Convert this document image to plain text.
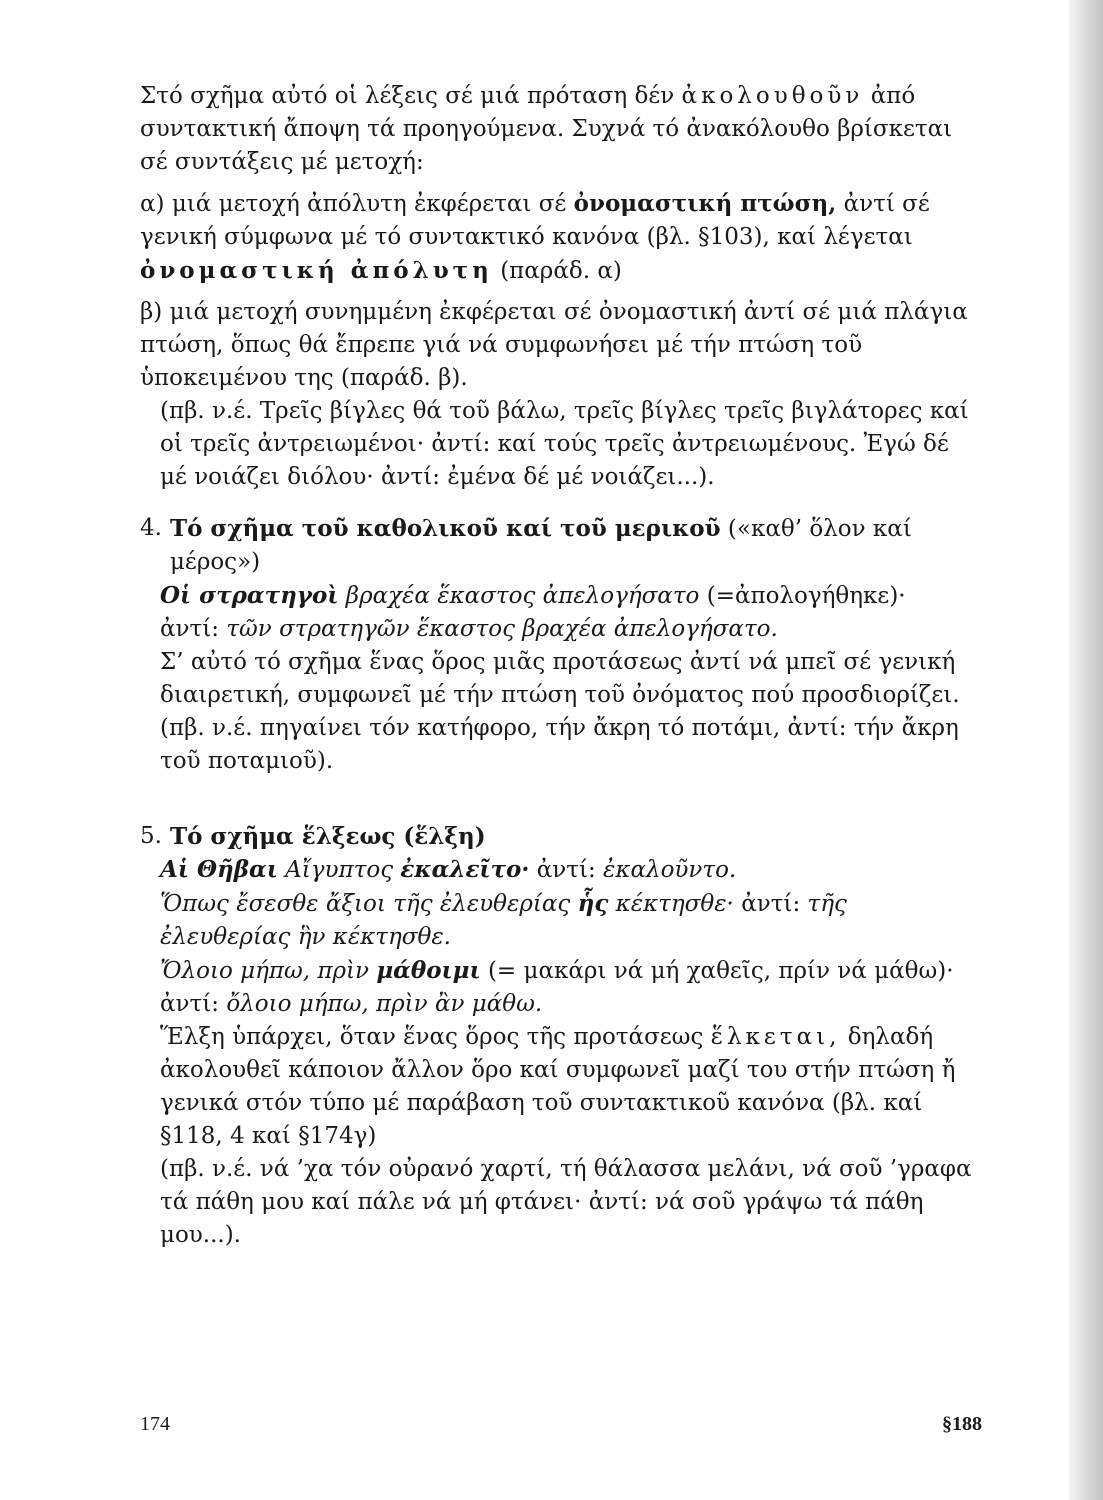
Στό σχῆμα αὐτό οἱ λέξεις σέ μιά πρόταση δέν ἀκολουθοῦν ἀπό συντακτική ἄποψη τά προηγούμενα. Συχνά τό ἀνακόλουθο βρίσκεται σέ συντάξεις μέ μετοχή:

α) μιά μετοχή ἀπόλυτη ἐκφέρεται σέ ὀνομαστική πτώση, ἀντί σέ γενική σύμφωνα μέ τό συντακτικό κανόνα (βλ. §103), καί λέγεται ὀνομαστική ἀπόλυτη (παράδ. α)

β) μιά μετοχή συνημμένη ἐκφέρεται σέ ὀνομαστική ἀντί σέ μιά πλάγια πτώση, ὅπως θά ἔπρεπε γιά νά συμφωνήσει μέ τήν πτώση τοῦ ὑποκειμένου της (παράδ. β).

(πβ. ν.έ. Τρεῖς βίγλες θά τοῦ βάλω, τρεῖς βίγλες τρεῖς βιγλάτορες καί οἱ τρεῖς ἀντρειωμένοι· ἀντί: καί τούς τρεῖς ἀντρειωμένους. Ἐγώ δέ μέ νοιάζει διόλου· ἀντί: ἐμένα δέ μέ νοιάζει...).

4. Τό σχῆμα τοῦ καθολικοῦ καί τοῦ μερικοῦ («καθ’ ὅλον καί μέρος»)

Οἱ στρατηγοὶ βραχέα ἕκαστος ἀπελογήσατο (=ἀπολογήθηκε)·

ἀντί: τῶν στρατηγῶν ἕκαστος βραχέα ἀπελογήσατο.

Σ’ αὐτό τό σχῆμα ἕνας ὅρος μιᾶς προτάσεως ἀντί νά μπεῖ σέ γενική διαιρετική, συμφωνεῖ μέ τήν πτώση τοῦ ὀνόματος πού προσδιορίζει.

(πβ. ν.έ. πηγαίνει τόν κατήφορο, τήν ἄκρη τό ποτάμι, ἀντί: τήν ἄκρη τοῦ ποταμιοῦ).

5. Τό σχῆμα ἕλξεως (ἕλξη)

Αἱ Θῆβαι Αἴγυπτος ἐκαλεῖτο· ἀντί: ἐκαλοῦντο.

Ὅπως ἔσεσθε ἄξιοι τῆς ἐλευθερίας ἧς κέκτησθε· ἀντί: τῆς ἐλευθερίας ἣν κέκτησθε.

Ὄλοιο μήπω, πρὶν μάθοιμι (= μακάρι νά μή χαθεῖς, πρίν νά μάθω)· ἀντί: ὄλοιο μήπω, πρὶν ἂν μάθω.

Ἕλξη ὑπάρχει, ὅταν ἕνας ὅρος τῆς προτάσεως ἕλκεται, δηλαδή ἀκολουθεῖ κάποιον ἄλλον ὅρο καί συμφωνεῖ μαζί του στήν πτώση ἤ γενικά στόν τύπο μέ παράβαση τοῦ συντακτικοῦ κανόνα (βλ. καί §118, 4 καί §174γ)

(πβ. ν.έ. νά ’χα τόν οὐρανό χαρτί, τή θάλασσα μελάνι, νά σοῦ ’γραφα τά πάθη μου καί πάλε νά μή φτάνει· ἀντί: νά σοῦ γράψω τά πάθη μου...).

174	§188
